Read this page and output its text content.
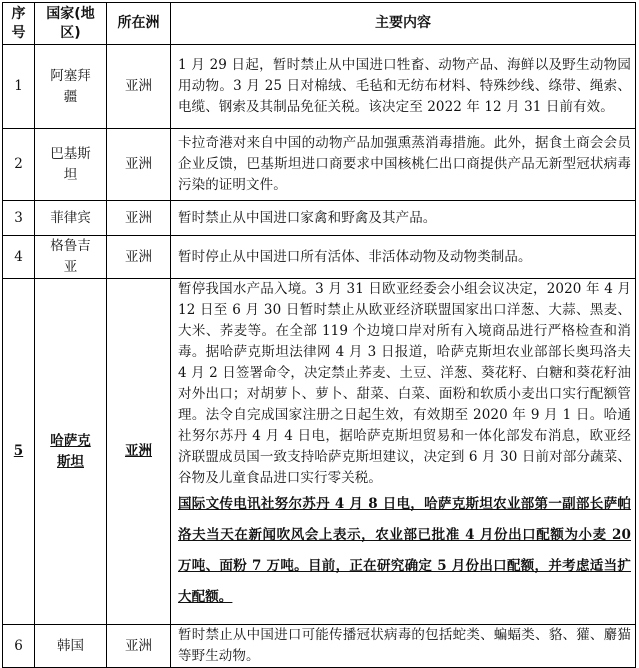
序号	国家(地区)	所在洲	主要内容
1	阿塞拜疆	亚洲	1 月 29 日起，暂时禁止从中国进口牲畜、动物产品、海鲜以及野生动物园用动物。3 月 25 日对棉绒、毛毡和无纺布材料、特殊纱线、绦带、绳索、电缆、钢索及其制品免征关税。该决定至 2022 年 12 月 31 日前有效。
2	巴基斯坦	亚洲	卡拉奇港对来自中国的动物产品加强熏蒸消毒措施。此外，据食土商会会员企业反馈，巴基斯坦进口商要求中国核桃仁出口商提供产品无新型冠状病毒污染的证明文件。
3	菲律宾	亚洲	暂时禁止从中国进口家禽和野禽及其产品。
4	格鲁吉亚	亚洲	暂时停止从中国进口所有活体、非活体动物及动物类制品。
5	哈萨克斯坦	亚洲	暂停我国水产品入境。3 月 31 日欧亚经委会小组会议决定，2020 年 4 月 12 日至 6 月 30 日暂时禁止从欧亚经济联盟国家出口洋葱、大蒜、黑麦、大米、荞麦等。在全部 119 个边境口岸对所有入境商品进行严格检查和消毒。据哈萨克斯坦法律网 4 月 3 日报道，哈萨克斯坦农业部部长奥玛洛夫 4 月 2 日签署命令，决定禁止荞麦、土豆、洋葱、葵花籽、白糖和葵花籽油对外出口；对胡萝卜、萝卜、甜菜、白菜、面粉和软质小麦出口实行配额管理。法令自完成国家注册之日起生效，有效期至 2020 年 9 月 1 日。哈通社努尔苏丹 4 月 4 日电，据哈萨克斯坦贸易和一体化部发布消息，欧亚经济联盟成员国一致支持哈萨克斯坦建议，决定到 6 月 30 日前对部分蔬菜、谷物及儿童食品进口实行零关税。
国际文传电讯社努尔苏丹 4 月 8 日电，哈萨克斯坦农业部第一副部长萨帕洛夫当天在新闻吹风会上表示，农业部已批准 4 月份出口配额为小麦 20 万吨、面粉 7 万吨。目前，正在研究确定 5 月份出口配额，并考虑适当扩大配额。

6	韩国	亚洲	暂时禁止从中国进口可能传播冠状病毒的包括蛇类、蝙蝠类、貉、獾、麝猫等野生动物。
